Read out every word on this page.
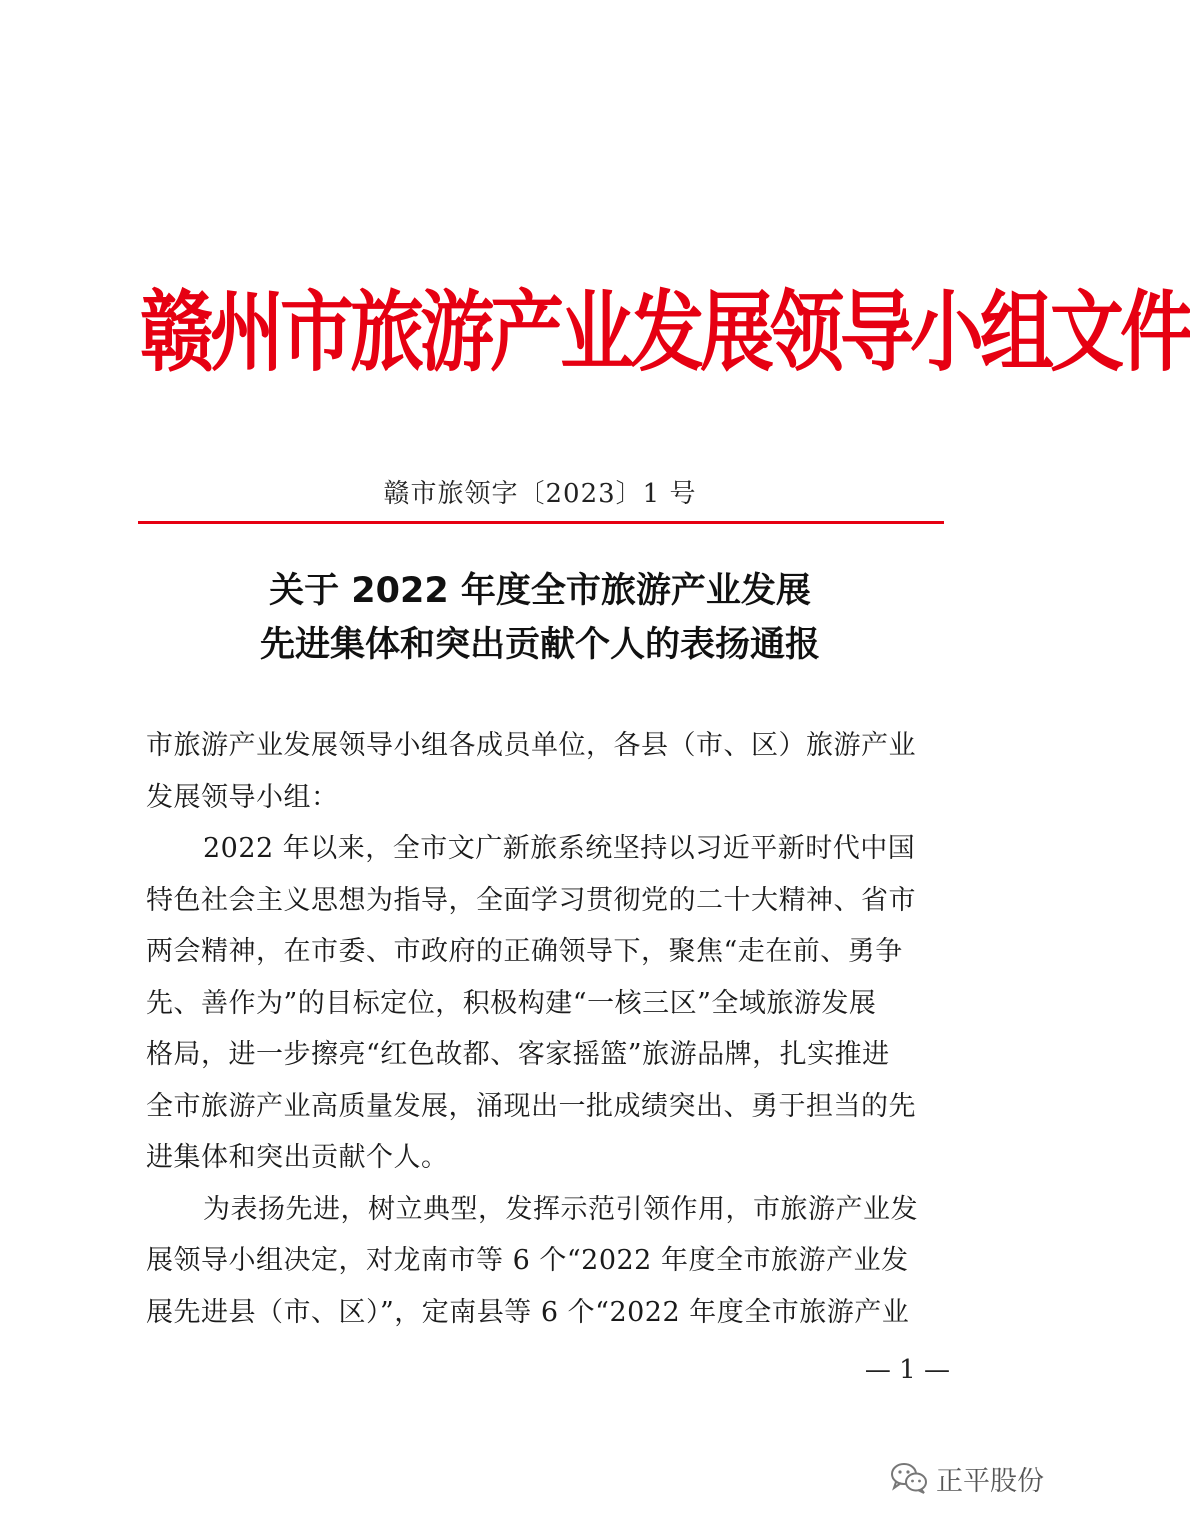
赣州市旅游产业发展领导小组文件
赣市旅领字〔2023〕1 号
关于 2022 年度全市旅游产业发展
先进集体和突出贡献个人的表扬通报
市旅游产业发展领导小组各成员单位，各县（市、区）旅游产业
发展领导小组：
2022 年以来，全市文广新旅系统坚持以习近平新时代中国
特色社会主义思想为指导，全面学习贯彻党的二十大精神、省市
两会精神，在市委、市政府的正确领导下，聚焦“走在前、勇争
先、善作为”的目标定位，积极构建“一核三区”全域旅游发展
格局，进一步擦亮“红色故都、客家摇篮”旅游品牌，扎实推进
全市旅游产业高质量发展，涌现出一批成绩突出、勇于担当的先
进集体和突出贡献个人。
为表扬先进，树立典型，发挥示范引领作用，市旅游产业发
展领导小组决定，对龙南市等 6 个“2022 年度全市旅游产业发
展先进县（市、区）”，定南县等 6 个“2022 年度全市旅游产业
— 1 —
正平股份
